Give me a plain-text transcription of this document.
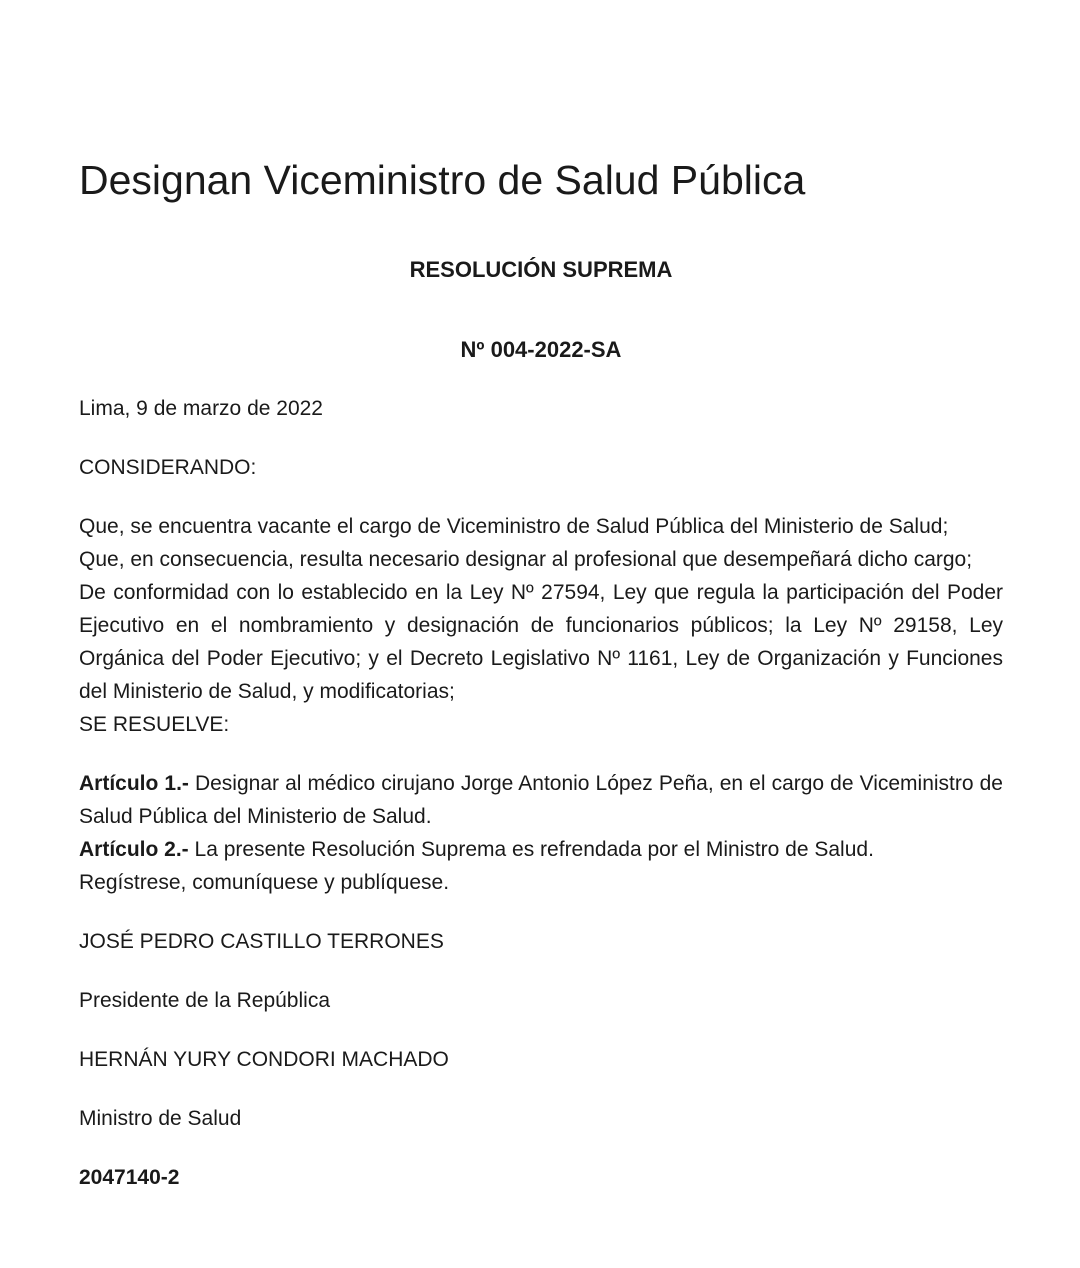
Designan Viceministro de Salud Pública

RESOLUCIÓN SUPREMA

Nº 004-2022-SA

Lima, 9 de marzo de 2022

CONSIDERANDO:

Que, se encuentra vacante el cargo de Viceministro de Salud Pública del Ministerio de Salud;

Que, en consecuencia, resulta necesario designar al profesional que desempeñará dicho cargo;

De conformidad con lo establecido en la Ley Nº 27594, Ley que regula la participación del Poder Ejecutivo en el nombramiento y designación de funcionarios públicos; la Ley Nº 29158, Ley Orgánica del Poder Ejecutivo; y el Decreto Legislativo Nº 1161, Ley de Organización y Funciones del Ministerio de Salud, y modificatorias;

SE RESUELVE:

Artículo 1.- Designar al médico cirujano Jorge Antonio López Peña, en el cargo de Viceministro de Salud Pública del Ministerio de Salud.

Artículo 2.- La presente Resolución Suprema es refrendada por el Ministro de Salud.

Regístrese, comuníquese y publíquese.

JOSÉ PEDRO CASTILLO TERRONES

Presidente de la República

HERNÁN YURY CONDORI MACHADO

Ministro de Salud

2047140-2
